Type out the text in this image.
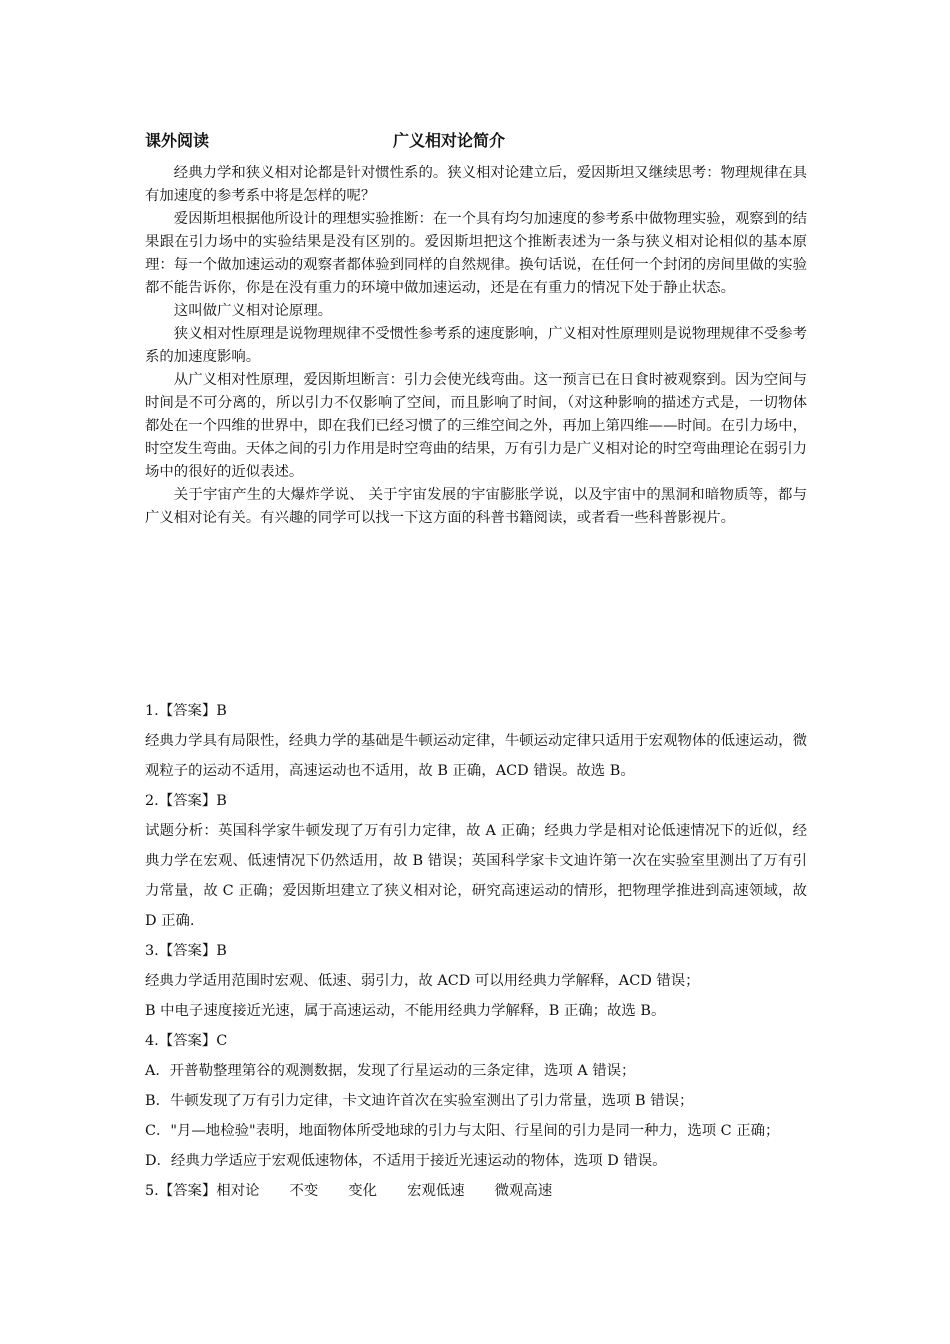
课外阅读	广义相对论简介

经典力学和狭义相对论都是针对惯性系的。狭义相对论建立后，爱因斯坦又继续思考：物理规律在具有加速度的参考系中将是怎样的呢？

爱因斯坦根据他所设计的理想实验推断：在一个具有均匀加速度的参考系中做物理实验，观察到的结果跟在引力场中的实验结果是没有区别的。爱因斯坦把这个推断表述为一条与狭义相对论相似的基本原理：每一个做加速运动的观察者都体验到同样的自然规律。换句话说，在任何一个封闭的房间里做的实验都不能告诉你，你是在没有重力的环境中做加速运动，还是在有重力的情况下处于静止状态。

这叫做广义相对论原理。

狭义相对性原理是说物理规律不受惯性参考系的速度影响，广义相对性原理则是说物理规律不受参考系的加速度影响。

从广义相对性原理，爱因斯坦断言：引力会使光线弯曲。这一预言已在日食时被观察到。因为空间与时间是不可分离的，所以引力不仅影响了空间，而且影响了时间，（对这种影响的描述方式是，一切物体都处在一个四维的世界中，即在我们已经习惯了的三维空间之外，再加上第四维——时间。在引力场中，时空发生弯曲。天体之间的引力作用是时空弯曲的结果，万有引力是广义相对论的时空弯曲理论在弱引力场中的很好的近似表述。

关于宇宙产生的大爆炸学说、 关于宇宙发展的宇宙膨胀学说，以及宇宙中的黑洞和暗物质等，都与广义相对论有关。有兴趣的同学可以找一下这方面的科普书籍阅读，或者看一些科普影视片。

1.【答案】B

经典力学具有局限性，经典力学的基础是牛顿运动定律，牛顿运动定律只适用于宏观物体的低速运动，微观粒子的运动不适用，高速运动也不适用，故 B 正确，ACD 错误。故选 B。

2.【答案】B

试题分析：英国科学家牛顿发现了万有引力定律，故 A 正确；经典力学是相对论低速情况下的近似，经典力学在宏观、低速情况下仍然适用，故 B 错误；英国科学家卡文迪许第一次在实验室里测出了万有引力常量，故 C 正确；爱因斯坦建立了狭义相对论，研究高速运动的情形，把物理学推进到高速领域，故 D 正确.

3.【答案】B

经典力学适用范围时宏观、低速、弱引力，故 ACD 可以用经典力学解释，ACD 错误；

B 中电子速度接近光速，属于高速运动，不能用经典力学解释，B 正确；故选 B。

4.【答案】C

A．开普勒整理第谷的观测数据，发现了行星运动的三条定律，选项 A 错误；

B．牛顿发现了万有引力定律，卡文迪许首次在实验室测出了引力常量，选项 B 错误；

C．"月—地检验"表明，地面物体所受地球的引力与太阳、行星间的引力是同一种力，选项 C 正确；

D．经典力学适应于宏观低速物体，不适用于接近光速运动的物体，选项 D 错误。

5.【答案】相对论 不变 变化 宏观低速 微观高速
